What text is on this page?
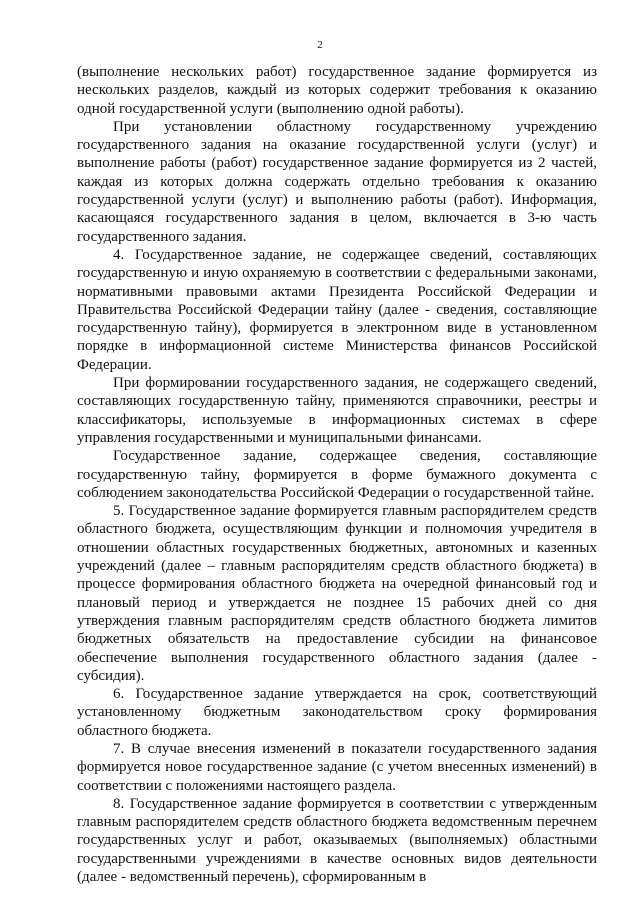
2

(выполнение нескольких работ) государственное задание формируется из нескольких разделов, каждый из которых содержит требования к оказанию одной государственной услуги (выполнению одной работы).

При установлении областному государственному учреждению государственного задания на оказание государственной услуги (услуг) и выполнение работы (работ) государственное задание формируется из 2 частей, каждая из которых должна содержать отдельно требования к оказанию государственной услуги (услуг) и выполнению работы (работ). Информация, касающаяся государственного задания в целом, включается в 3-ю часть государственного задания.

4. Государственное задание, не содержащее сведений, составляющих государственную и иную охраняемую в соответствии с федеральными законами, нормативными правовыми актами Президента Российской Федерации и Правительства Российской Федерации тайну (далее - сведения, составляющие государственную тайну), формируется в электронном виде в установленном порядке в информационной системе Министерства финансов Российской Федерации.

При формировании государственного задания, не содержащего сведений, составляющих государственную тайну, применяются справочники, реестры и классификаторы, используемые в информационных системах в сфере управления государственными и муниципальными финансами.

Государственное задание, содержащее сведения, составляющие государственную тайну, формируется в форме бумажного документа с соблюдением законодательства Российской Федерации о государственной тайне.

5. Государственное задание формируется главным распорядителем средств областного бюджета, осуществляющим функции и полномочия учредителя в отношении областных государственных бюджетных, автономных и казенных учреждений (далее – главным распорядителям средств областного бюджета) в процессе формирования областного бюджета на очередной финансовый год и плановый период и утверждается не позднее 15 рабочих дней со дня утверждения главным распорядителям средств областного бюджета лимитов бюджетных обязательств на предоставление субсидии на финансовое обеспечение выполнения государственного областного задания (далее - субсидия).

6. Государственное задание утверждается на срок, соответствующий установленному бюджетным законодательством сроку формирования областного бюджета.

7. В случае внесения изменений в показатели государственного задания формируется новое государственное задание (с учетом внесенных изменений) в соответствии с положениями настоящего раздела.

8. Государственное задание формируется в соответствии с утвержденным главным распорядителем средств областного бюджета ведомственным перечнем государственных услуг и работ, оказываемых (выполняемых) областными государственными учреждениями в качестве основных видов деятельности (далее - ведомственный перечень), сформированным в
